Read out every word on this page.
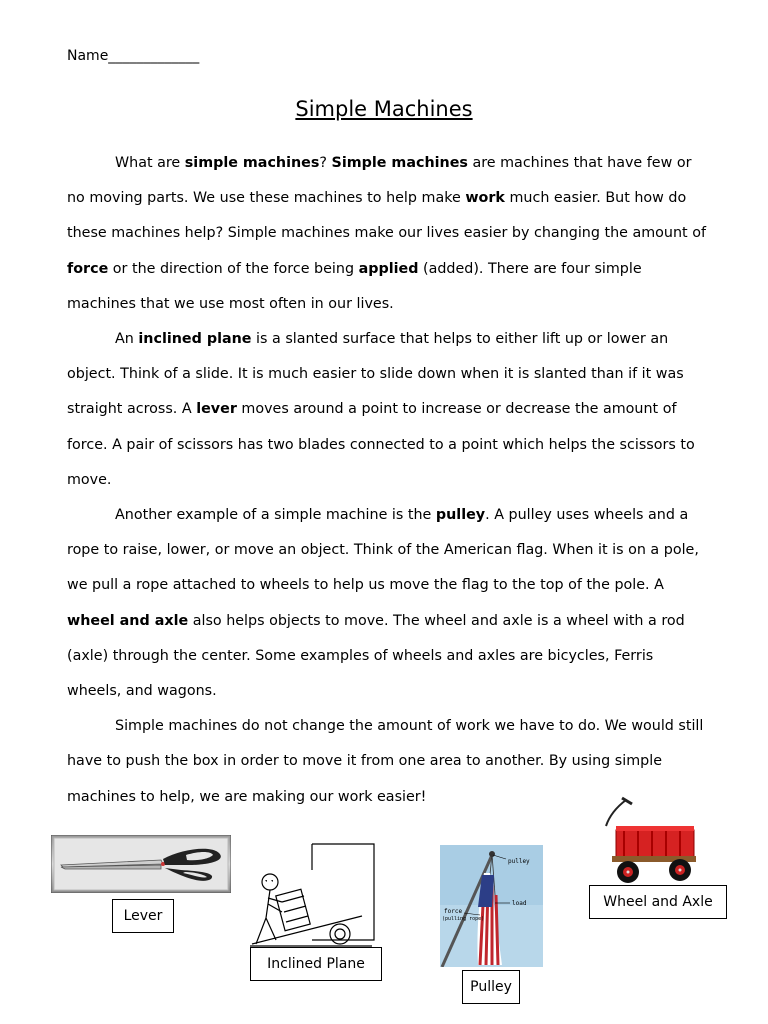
Name_____________
Simple Machines

What are simple machines? Simple machines are machines that have few or no moving parts. We use these machines to help make work much easier. But how do these machines help? Simple machines make our lives easier by changing the amount of force or the direction of the force being applied (added). There are four simple machines that we use most often in our lives.

An inclined plane is a slanted surface that helps to either lift up or lower an object. Think of a slide. It is much easier to slide down when it is slanted than if it was straight across. A lever moves around a point to increase or decrease the amount of force. A pair of scissors has two blades connected to a point which helps the scissors to move.

Another example of a simple machine is the pulley. A pulley uses wheels and a rope to raise, lower, or move an object. Think of the American flag. When it is on a pole, we pull a rope attached to wheels to help us move the flag to the top of the pole. A wheel and axle also helps objects to move. The wheel and axle is a wheel with a rod (axle) through the center. Some examples of wheels and axles are bicycles, Ferris wheels, and wagons.

Simple machines do not change the amount of work we have to do. We would still have to push the box in order to move it from one area to another. By using simple machines to help, we are making our work easier!

Lever
Inclined Plane
pulley
load
force
(pulling rope)
Pulley
Wheel and Axle
